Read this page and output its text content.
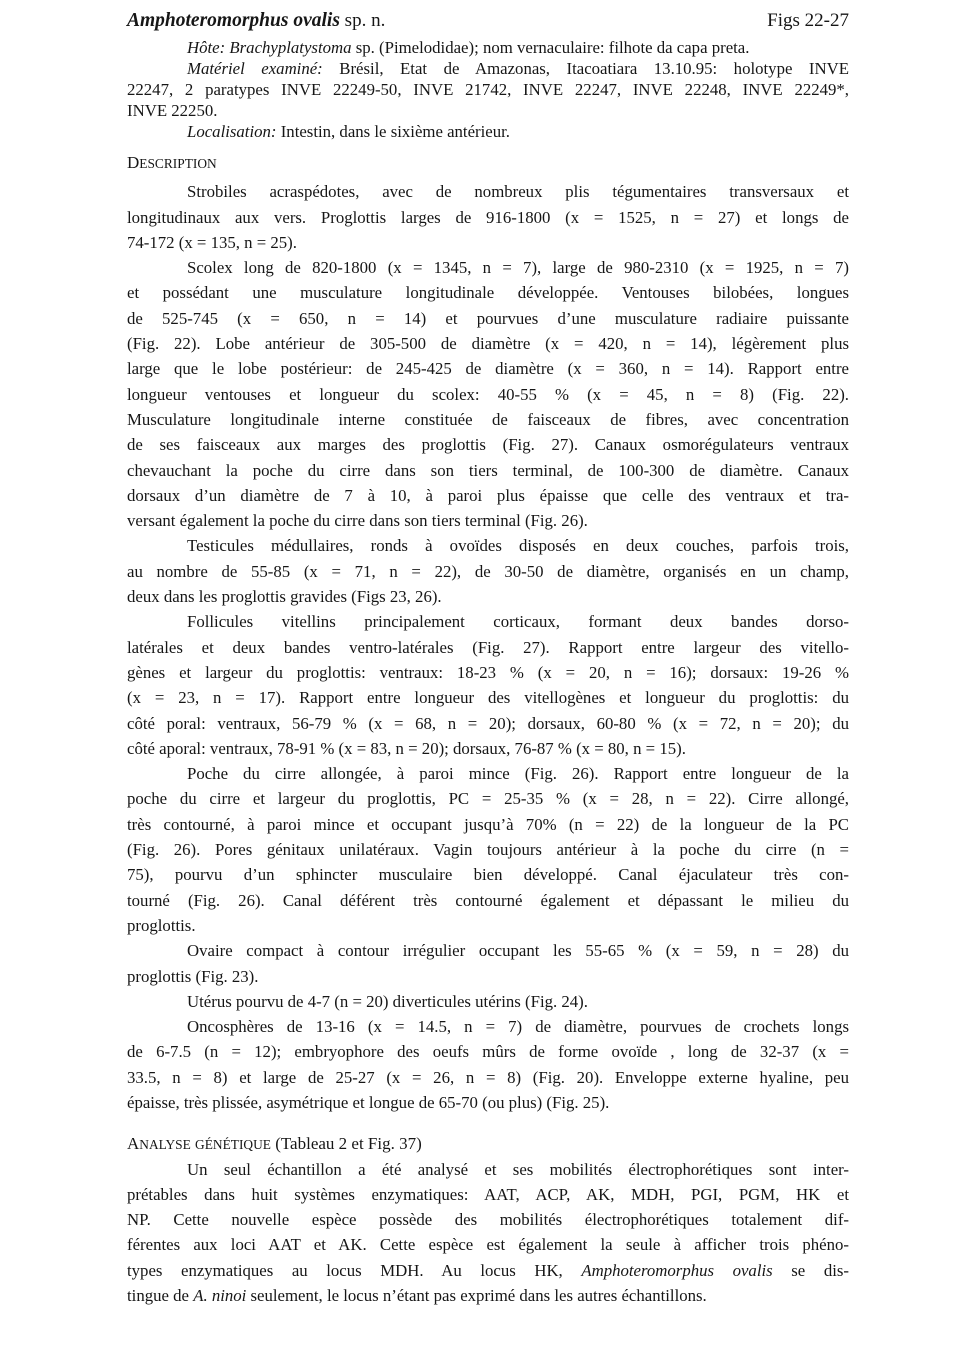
Amphoteromorphus ovalis sp. n.	Figs 22-27
Hôte: Brachyplatystoma sp. (Pimelodidae); nom vernaculaire: filhote da capa preta.
Matériel examiné: Brésil, Etat de Amazonas, Itacoatiara 13.10.95: holotype INVE
22247, 2 paratypes INVE 22249-50, INVE 21742, INVE 22247, INVE 22248, INVE 22249*,
INVE 22250.
Localisation: Intestin, dans le sixième antérieur.
DESCRIPTION
Strobiles acraspédotes, avec de nombreux plis tégumentaires transversaux et
longitudinaux aux vers. Proglottis larges de 916-1800 (x = 1525, n = 27) et longs de
74-172 (x = 135, n = 25).
Scolex long de 820-1800 (x = 1345, n = 7), large de 980-2310 (x = 1925, n = 7)
et possédant une musculature longitudinale développée. Ventouses bilobées, longues
de 525-745 (x = 650, n = 14) et pourvues d’une musculature radiaire puissante
(Fig. 22). Lobe antérieur de 305-500 de diamètre (x = 420, n = 14), légèrement plus
large que le lobe postérieur: de 245-425 de diamètre (x = 360, n = 14). Rapport entre
longueur ventouses et longueur du scolex: 40-55 % (x = 45, n = 8) (Fig. 22).
Musculature longitudinale interne constituée de faisceaux de fibres, avec concentration
de ses faisceaux aux marges des proglottis (Fig. 27). Canaux osmorégulateurs ventraux
chevauchant la poche du cirre dans son tiers terminal, de 100-300 de diamètre. Canaux
dorsaux d’un diamètre de 7 à 10, à paroi plus épaisse que celle des ventraux et tra-
versant également la poche du cirre dans son tiers terminal (Fig. 26).
Testicules médullaires, ronds à ovoïdes disposés en deux couches, parfois trois,
au nombre de 55-85 (x = 71, n = 22), de 30-50 de diamètre, organisés en un champ,
deux dans les proglottis gravides (Figs 23, 26).
Follicules vitellins principalement corticaux, formant deux bandes dorso-
latérales et deux bandes ventro-latérales (Fig. 27). Rapport entre largeur des vitello-
gènes et largeur du proglottis: ventraux: 18-23 % (x = 20, n = 16); dorsaux: 19-26 %
(x = 23, n = 17). Rapport entre longueur des vitellogènes et longueur du proglottis: du
côté poral: ventraux, 56-79 % (x = 68, n = 20); dorsaux, 60-80 % (x = 72, n = 20); du
côté aporal: ventraux, 78-91 % (x = 83, n = 20); dorsaux, 76-87 % (x = 80, n = 15).
Poche du cirre allongée, à paroi mince (Fig. 26). Rapport entre longueur de la
poche du cirre et largeur du proglottis, PC = 25-35 % (x = 28, n = 22). Cirre allongé,
très contourné, à paroi mince et occupant jusqu’à 70% (n = 22) de la longueur de la PC
(Fig. 26). Pores génitaux unilatéraux. Vagin toujours antérieur à la poche du cirre (n =
75), pourvu d’un sphincter musculaire bien développé. Canal éjaculateur très con-
tourné (Fig. 26). Canal déférent très contourné également et dépassant le milieu du
proglottis.
Ovaire compact à contour irrégulier occupant les 55-65 % (x = 59, n = 28) du
proglottis (Fig. 23).
Utérus pourvu de 4-7 (n = 20) diverticules utérins (Fig. 24).
Oncosphères de 13-16 (x = 14.5, n = 7) de diamètre, pourvues de crochets longs
de 6-7.5 (n = 12); embryophore des oeufs mûrs de forme ovoïde , long de 32-37 (x =
33.5, n = 8) et large de 25-27 (x = 26, n = 8) (Fig. 20). Enveloppe externe hyaline, peu
épaisse, très plissée, asymétrique et longue de 65-70 (ou plus) (Fig. 25).
ANALYSE GÉNÉTIQUE (Tableau 2 et Fig. 37)
Un seul échantillon a été analysé et ses mobilités électrophorétiques sont inter-
prétables dans huit systèmes enzymatiques: AAT, ACP, AK, MDH, PGI, PGM, HK et
NP. Cette nouvelle espèce possède des mobilités électrophorétiques totalement dif-
férentes aux loci AAT et AK. Cette espèce est également la seule à afficher trois phéno-
types enzymatiques au locus MDH. Au locus HK, Amphoteromorphus ovalis se dis-
tingue de A. ninoi seulement, le locus n’étant pas exprimé dans les autres échantillons.
